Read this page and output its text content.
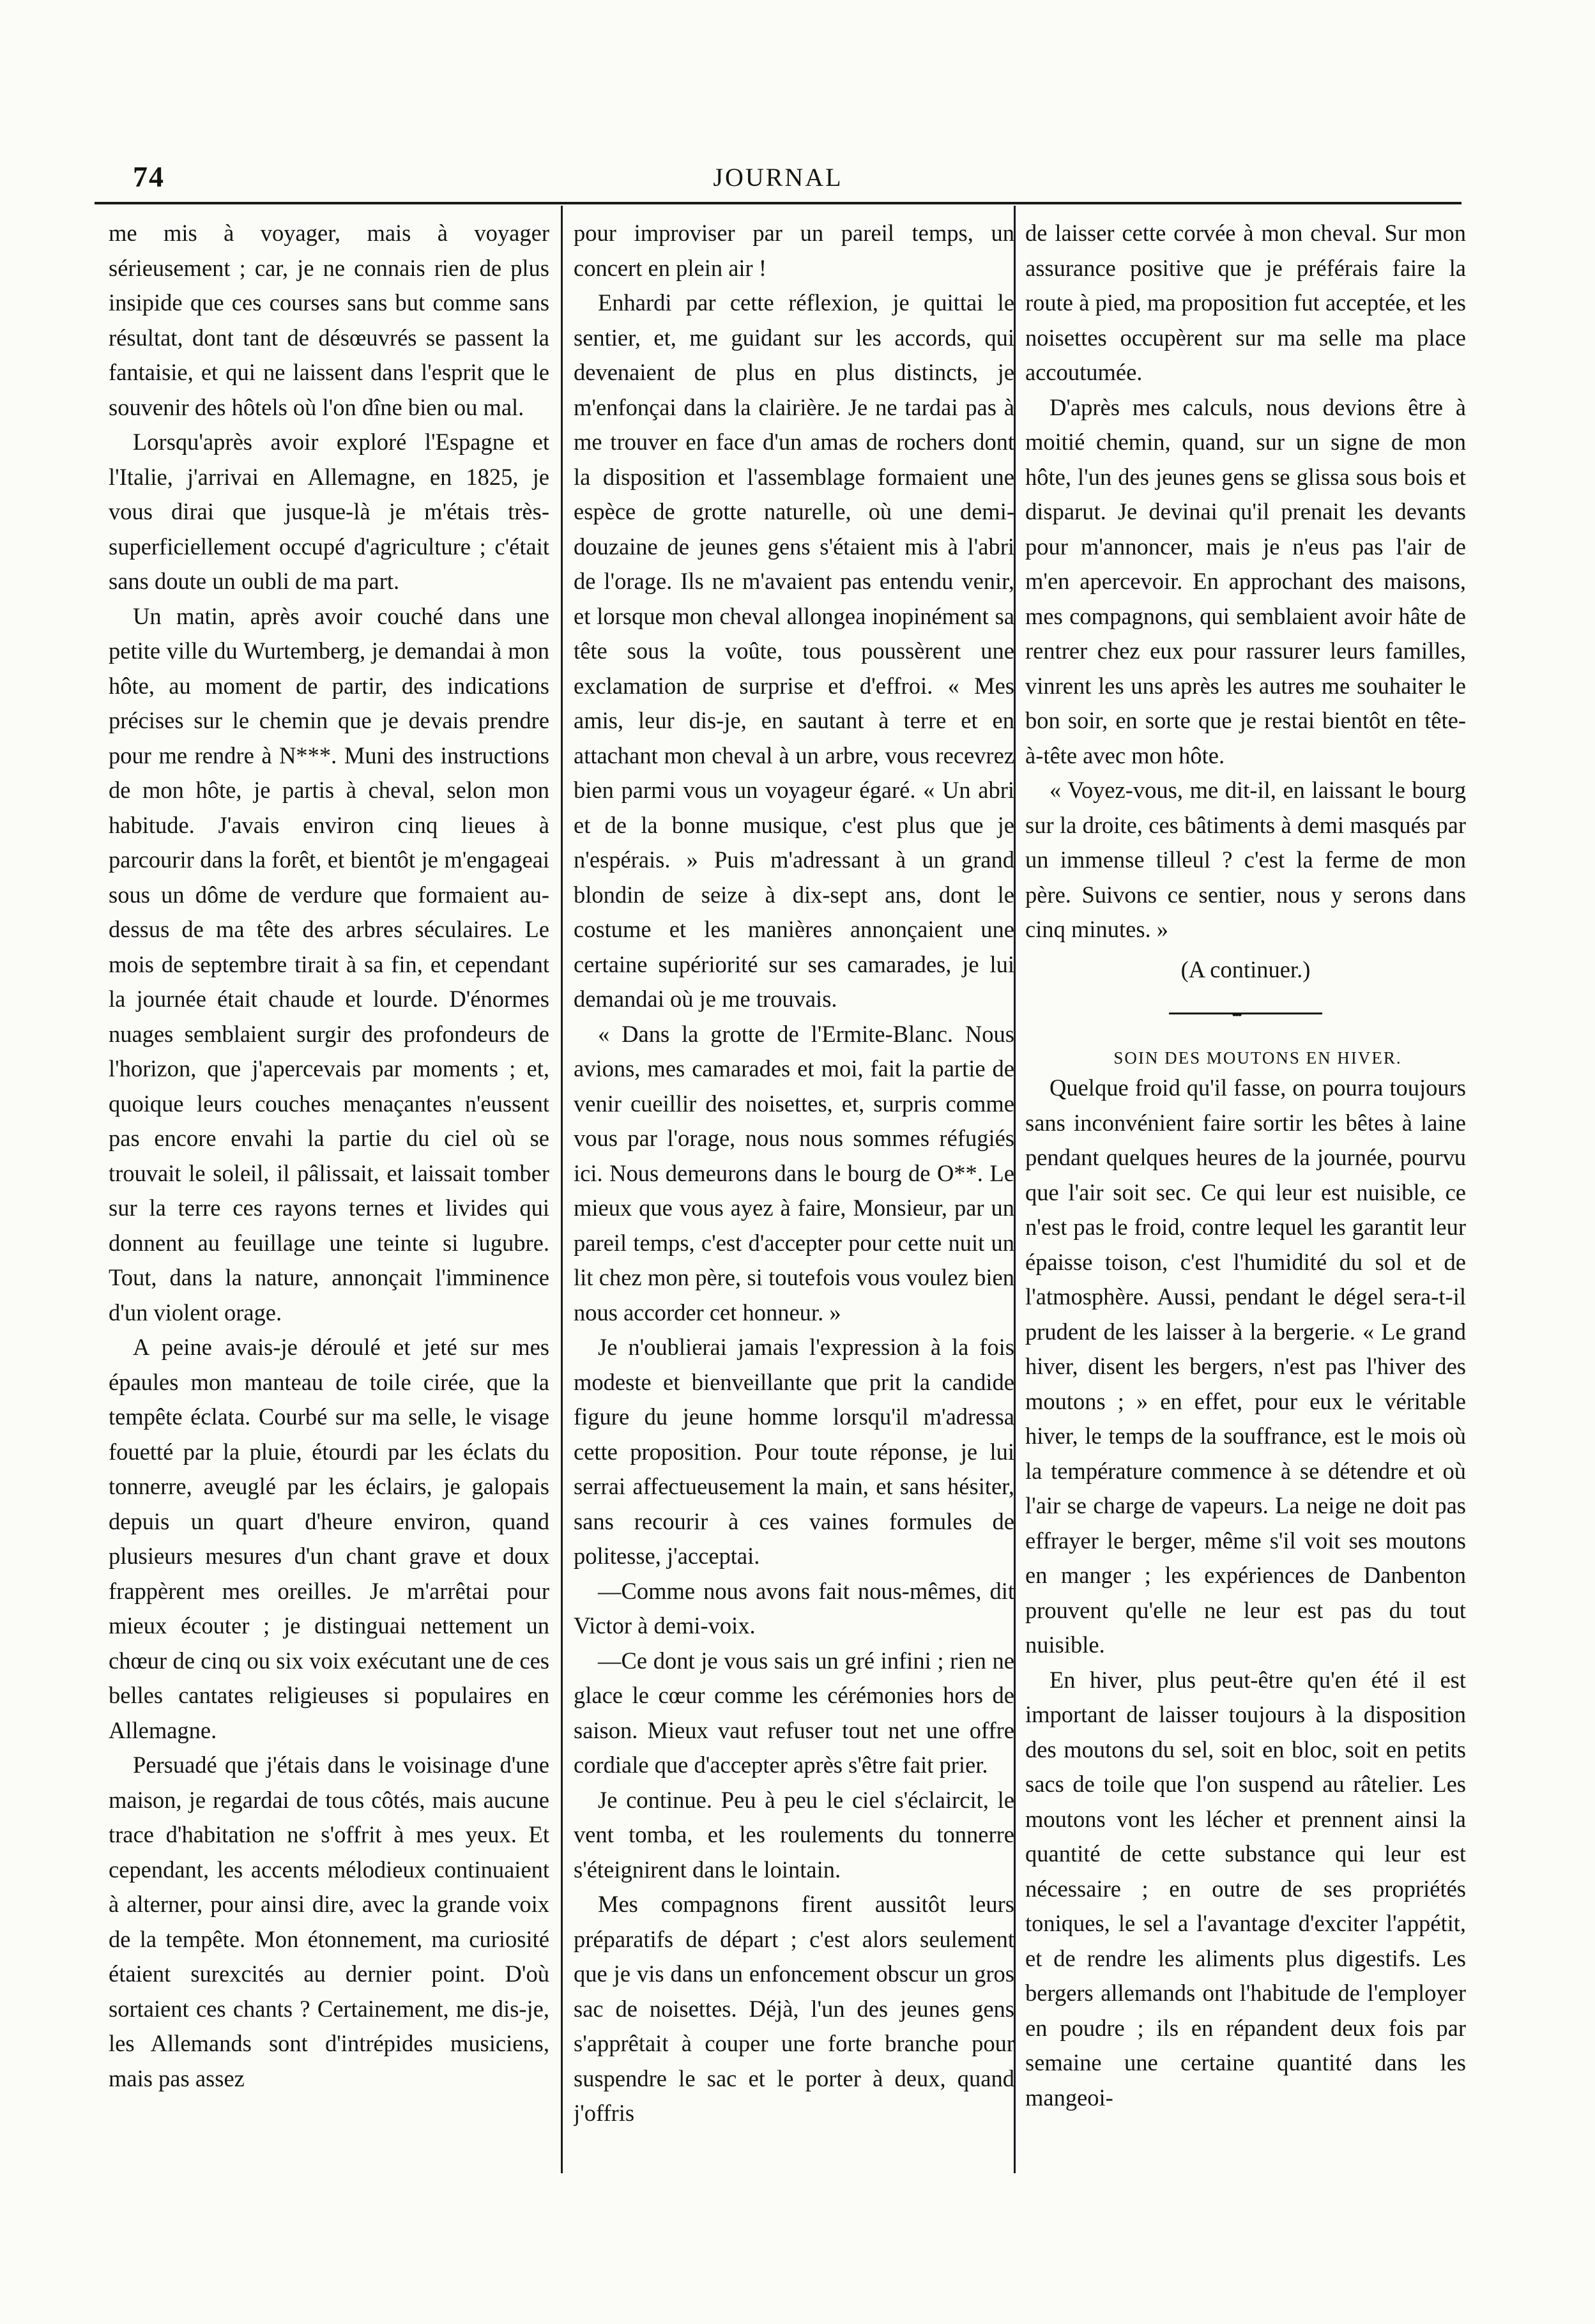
74	JOURNAL

me mis à voyager, mais à voyager sérieusement ; car, je ne connais rien de plus insipide que ces courses sans but comme sans résultat, dont tant de désœuvrés se passent la fantaisie, et qui ne laissent dans l'esprit que le souvenir des hôtels où l'on dîne bien ou mal.

Lorsqu'après avoir exploré l'Espagne et l'Italie, j'arrivai en Allemagne, en 1825, je vous dirai que jusque-là je m'étais très-superficiellement occupé d'agriculture ; c'était sans doute un oubli de ma part.

Un matin, après avoir couché dans une petite ville du Wurtemberg, je demandai à mon hôte, au moment de partir, des indications précises sur le chemin que je devais prendre pour me rendre à N***. Muni des instructions de mon hôte, je partis à cheval, selon mon habitude. J'avais environ cinq lieues à parcourir dans la forêt, et bientôt je m'engageai sous un dôme de verdure que formaient au-dessus de ma tête des arbres séculaires. Le mois de septembre tirait à sa fin, et cependant la journée était chaude et lourde. D'énormes nuages semblaient surgir des profondeurs de l'horizon, que j'apercevais par moments ; et, quoique leurs couches menaçantes n'eussent pas encore envahi la partie du ciel où se trouvait le soleil, il pâlissait, et laissait tomber sur la terre ces rayons ternes et livides qui donnent au feuillage une teinte si lugubre. Tout, dans la nature, annonçait l'imminence d'un violent orage.

A peine avais-je déroulé et jeté sur mes épaules mon manteau de toile cirée, que la tempête éclata. Courbé sur ma selle, le visage fouetté par la pluie, étourdi par les éclats du tonnerre, aveuglé par les éclairs, je galopais depuis un quart d'heure environ, quand plusieurs mesures d'un chant grave et doux frappèrent mes oreilles. Je m'arrêtai pour mieux écouter ; je distinguai nettement un chœur de cinq ou six voix exécutant une de ces belles cantates religieuses si populaires en Allemagne.

Persuadé que j'étais dans le voisinage d'une maison, je regardai de tous côtés, mais aucune trace d'habitation ne s'offrit à mes yeux. Et cependant, les accents mélodieux continuaient à alterner, pour ainsi dire, avec la grande voix de la tempête. Mon étonnement, ma curiosité étaient surexcités au dernier point. D'où sortaient ces chants ? Certainement, me dis-je, les Allemands sont d'intrépides musiciens, mais pas assez

pour improviser par un pareil temps, un concert en plein air !

Enhardi par cette réflexion, je quittai le sentier, et, me guidant sur les accords, qui devenaient de plus en plus distincts, je m'enfonçai dans la clairière. Je ne tardai pas à me trouver en face d'un amas de rochers dont la disposition et l'assemblage formaient une espèce de grotte naturelle, où une demi-douzaine de jeunes gens s'étaient mis à l'abri de l'orage. Ils ne m'avaient pas entendu venir, et lorsque mon cheval allongea inopinément sa tête sous la voûte, tous poussèrent une exclamation de surprise et d'effroi. « Mes amis, leur dis-je, en sautant à terre et en attachant mon cheval à un arbre, vous recevrez bien parmi vous un voyageur égaré. « Un abri et de la bonne musique, c'est plus que je n'espérais. » Puis m'adressant à un grand blondin de seize à dix-sept ans, dont le costume et les manières annonçaient une certaine supériorité sur ses camarades, je lui demandai où je me trouvais.

« Dans la grotte de l'Ermite-Blanc. Nous avions, mes camarades et moi, fait la partie de venir cueillir des noisettes, et, surpris comme vous par l'orage, nous nous sommes réfugiés ici. Nous demeurons dans le bourg de O**. Le mieux que vous ayez à faire, Monsieur, par un pareil temps, c'est d'accepter pour cette nuit un lit chez mon père, si toutefois vous voulez bien nous accorder cet honneur. »

Je n'oublierai jamais l'expression à la fois modeste et bienveillante que prit la candide figure du jeune homme lorsqu'il m'adressa cette proposition. Pour toute réponse, je lui serrai affectueusement la main, et sans hésiter, sans recourir à ces vaines formules de politesse, j'acceptai.

—Comme nous avons fait nous-mêmes, dit Victor à demi-voix.

—Ce dont je vous sais un gré infini ; rien ne glace le cœur comme les cérémonies hors de saison. Mieux vaut refuser tout net une offre cordiale que d'accepter après s'être fait prier.

Je continue. Peu à peu le ciel s'éclaircit, le vent tomba, et les roulements du tonnerre s'éteignirent dans le lointain.

Mes compagnons firent aussitôt leurs préparatifs de départ ; c'est alors seulement que je vis dans un enfoncement obscur un gros sac de noisettes. Déjà, l'un des jeunes gens s'apprêtait à couper une forte branche pour suspendre le sac et le porter à deux, quand j'offris

de laisser cette corvée à mon cheval. Sur mon assurance positive que je préférais faire la route à pied, ma proposition fut acceptée, et les noisettes occupèrent sur ma selle ma place accoutumée.

D'après mes calculs, nous devions être à moitié chemin, quand, sur un signe de mon hôte, l'un des jeunes gens se glissa sous bois et disparut. Je devinai qu'il prenait les devants pour m'annoncer, mais je n'eus pas l'air de m'en apercevoir. En approchant des maisons, mes compagnons, qui semblaient avoir hâte de rentrer chez eux pour rassurer leurs familles, vinrent les uns après les autres me souhaiter le bon soir, en sorte que je restai bientôt en tête-à-tête avec mon hôte.

« Voyez-vous, me dit-il, en laissant le bourg sur la droite, ces bâtiments à demi masqués par un immense tilleul ? c'est la ferme de mon père. Suivons ce sentier, nous y serons dans cinq minutes. »

(A continuer.)

•••

SOIN DES MOUTONS EN HIVER.

Quelque froid qu'il fasse, on pourra toujours sans inconvénient faire sortir les bêtes à laine pendant quelques heures de la journée, pourvu que l'air soit sec. Ce qui leur est nuisible, ce n'est pas le froid, contre lequel les garantit leur épaisse toison, c'est l'humidité du sol et de l'atmosphère. Aussi, pendant le dégel sera-t-il prudent de les laisser à la bergerie. « Le grand hiver, disent les bergers, n'est pas l'hiver des moutons ; » en effet, pour eux le véritable hiver, le temps de la souffrance, est le mois où la température commence à se détendre et où l'air se charge de vapeurs. La neige ne doit pas effrayer le berger, même s'il voit ses moutons en manger ; les expériences de Danbenton prouvent qu'elle ne leur est pas du tout nuisible.

En hiver, plus peut-être qu'en été il est important de laisser toujours à la disposition des moutons du sel, soit en bloc, soit en petits sacs de toile que l'on suspend au râtelier. Les moutons vont les lécher et prennent ainsi la quantité de cette substance qui leur est nécessaire ; en outre de ses propriétés toniques, le sel a l'avantage d'exciter l'appétit, et de rendre les aliments plus digestifs. Les bergers allemands ont l'habitude de l'employer en poudre ; ils en répandent deux fois par semaine une certaine quantité dans les mangeoi-
